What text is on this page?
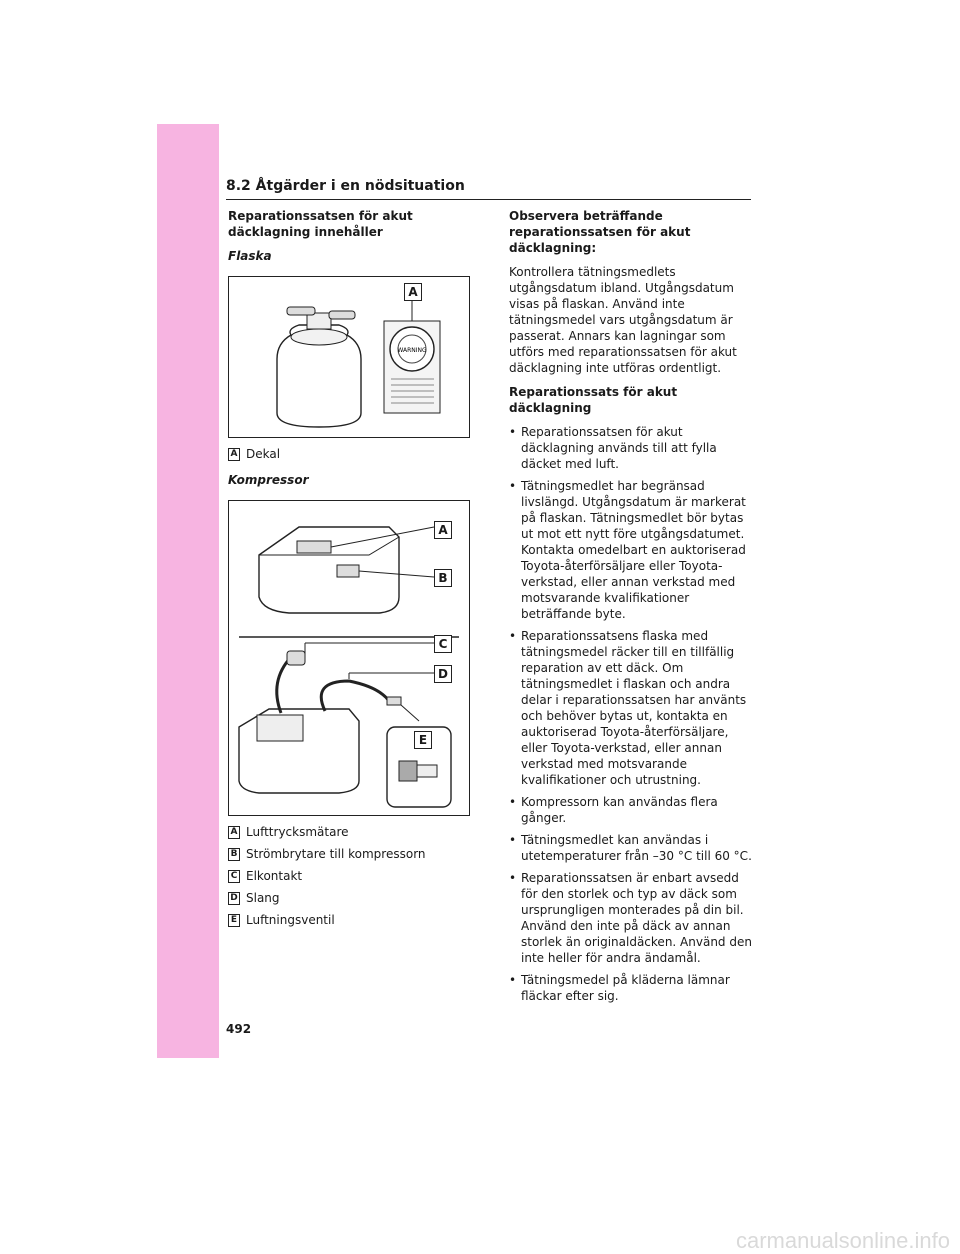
8.2 Åtgärder i en nödsituation
Reparationssatsen för akut däcklagning innehåller
Flaska
WARNING
A
A Dekal
Kompressor
A
B
C
D
E
A Lufttrycksmätare
B Strömbrytare till kompressorn
C Elkontakt
D Slang
E Luftningsventil
Observera beträffande reparationssatsen för akut däcklagning:

Kontrollera tätningsmedlets utgångsdatum ibland. Utgångsdatum visas på flaskan. Använd inte tätningsmedel vars utgångsdatum är passerat. Annars kan lagningar som utförs med reparationssatsen för akut däcklagning inte utföras ordentligt.

Reparationssats för akut däcklagning
• Reparationssatsen för akut däcklagning används till att fylla däcket med luft.
• Tätningsmedlet har begränsad livslängd. Utgångsdatum är markerat på flaskan. Tätningsmedlet bör bytas ut mot ett nytt före utgångsdatumet. Kontakta omedelbart en auktoriserad Toyota-återförsäljare eller Toyota-verkstad, eller annan verkstad med motsvarande kvalifikationer beträffande byte.
• Reparationssatsens flaska med tätningsmedel räcker till en tillfällig reparation av ett däck. Om tätningsmedlet i flaskan och andra delar i reparationssatsen har använts och behöver bytas ut, kontakta en auktoriserad Toyota-återförsäljare, eller Toyota-verkstad, eller annan verkstad med motsvarande kvalifikationer och utrustning.
• Kompressorn kan användas flera gånger.
• Tätningsmedlet kan användas i utetemperaturer från –30 °C till 60 °C.
• Reparationssatsen är enbart avsedd för den storlek och typ av däck som ursprungligen monterades på din bil. Använd den inte på däck av annan storlek än originaldäcken. Använd den inte heller för andra ändamål.
• Tätningsmedel på kläderna lämnar fläckar efter sig.
492
carmanualsonline.info
